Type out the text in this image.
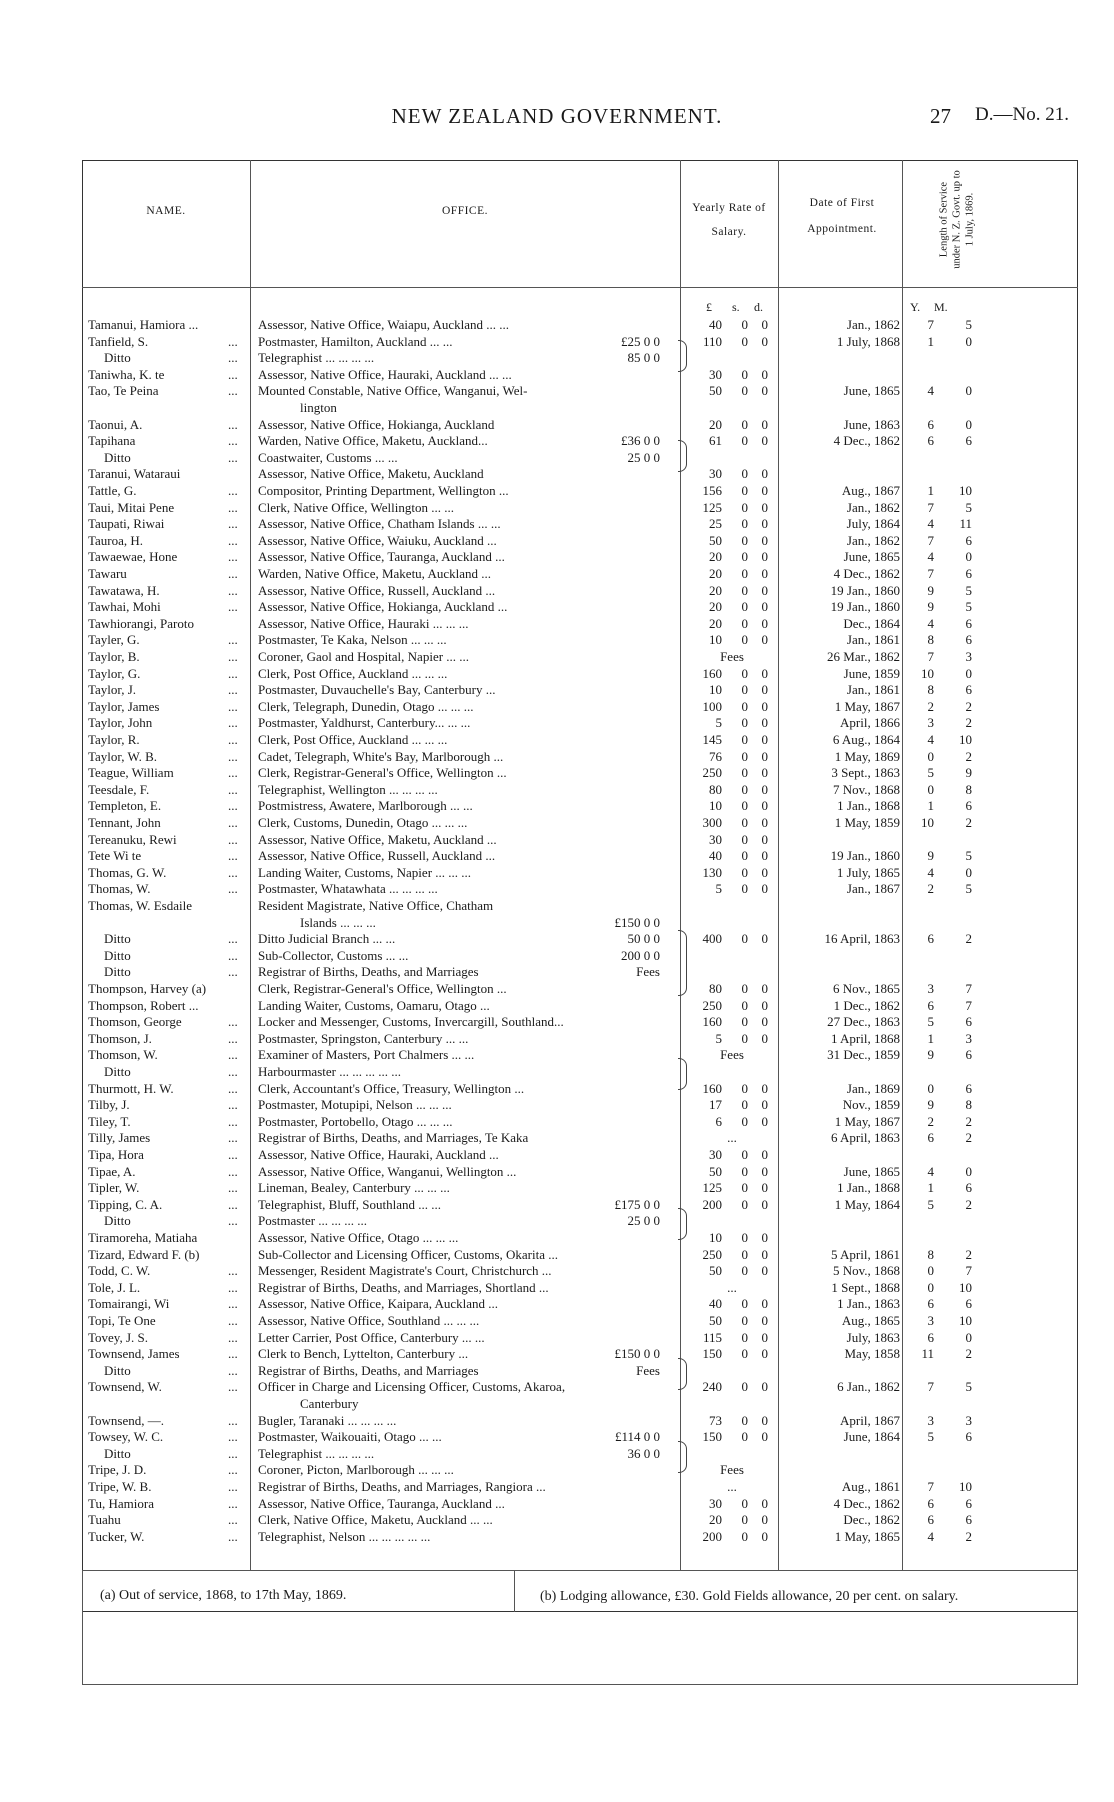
NEW ZEALAND GOVERNMENT.	27 D.—No. 21.
NAME.	OFFICE.	Yearly Rate of Salary.
Date of First Appointment.	Length of Service under N. Z. Govt. up to 1 July, 1869.
£ s. d.	Y. M.
Tamanui, Hamiora ...	Assessor, Native Office, Waiapu, Auckland ... ...	40	0	0	Jan., 1862	7	5
Tanfield, S.	...	Postmaster, Hamilton, Auckland ... ...	£25 0 0	110	0	0	1 July, 1868	1	0
Ditto	...	Telegraphist ... ... ... ...	85 0 0
Taniwha, K. te	...	Assessor, Native Office, Hauraki, Auckland ... ...	30	0	0
Tao, Te Peina	...	Mounted Constable, Native Office, Wanganui, Wel-	50	0	0	June, 1865	4	0
lington
Taonui, A.	...	Assessor, Native Office, Hokianga, Auckland	20	0	0	June, 1863	6	0
Tapihana	...	Warden, Native Office, Maketu, Auckland...	£36 0 0	61	0	0	4 Dec., 1862	6	6
Ditto	...	Coastwaiter, Customs ... ...	25 0 0
Taranui, Wataraui	Assessor, Native Office, Maketu, Auckland	30	0	0
Tattle, G.	...	Compositor, Printing Department, Wellington ...	156	0	0	Aug., 1867	1	10
Taui, Mitai Pene	...	Clerk, Native Office, Wellington ... ...	125	0	0	Jan., 1862	7	5
Taupati, Riwai	...	Assessor, Native Office, Chatham Islands ... ...	25	0	0	July, 1864	4	11
Tauroa, H.	...	Assessor, Native Office, Waiuku, Auckland ...	50	0	0	Jan., 1862	7	6
Tawaewae, Hone	...	Assessor, Native Office, Tauranga, Auckland ...	20	0	0	June, 1865	4	0
Tawaru	...	Warden, Native Office, Maketu, Auckland ...	20	0	0	4 Dec., 1862	7	6
Tawatawa, H.	...	Assessor, Native Office, Russell, Auckland ...	20	0	0	19 Jan., 1860	9	5
Tawhai, Mohi	...	Assessor, Native Office, Hokianga, Auckland ...	20	0	0	19 Jan., 1860	9	5
Tawhiorangi, Paroto	Assessor, Native Office, Hauraki ... ... ...	20	0	0	Dec., 1864	4	6
Tayler, G.	...	Postmaster, Te Kaka, Nelson ... ... ...	10	0	0	Jan., 1861	8	6
Taylor, B.	...	Coroner, Gaol and Hospital, Napier ... ...	Fees	26 Mar., 1862	7	3
Taylor, G.	...	Clerk, Post Office, Auckland ... ... ...	160	0	0	June, 1859	10	0
Taylor, J.	...	Postmaster, Duvauchelle's Bay, Canterbury ...	10	0	0	Jan., 1861	8	6
Taylor, James	...	Clerk, Telegraph, Dunedin, Otago ... ... ...	100	0	0	1 May, 1867	2	2
Taylor, John	...	Postmaster, Yaldhurst, Canterbury... ... ...	5	0	0	April, 1866	3	2
Taylor, R.	...	Clerk, Post Office, Auckland ... ... ...	145	0	0	6 Aug., 1864	4	10
Taylor, W. B.	...	Cadet, Telegraph, White's Bay, Marlborough ...	76	0	0	1 May, 1869	0	2
Teague, William	...	Clerk, Registrar-General's Office, Wellington ...	250	0	0	3 Sept., 1863	5	9
Teesdale, F.	...	Telegraphist, Wellington ... ... ... ...	80	0	0	7 Nov., 1868	0	8
Templeton, E.	...	Postmistress, Awatere, Marlborough ... ...	10	0	0	1 Jan., 1868	1	6
Tennant, John	...	Clerk, Customs, Dunedin, Otago ... ... ...	300	0	0	1 May, 1859	10	2
Tereanuku, Rewi	...	Assessor, Native Office, Maketu, Auckland ...	30	0	0
Tete Wi te	...	Assessor, Native Office, Russell, Auckland ...	40	0	0	19 Jan., 1860	9	5
Thomas, G. W.	...	Landing Waiter, Customs, Napier ... ... ...	130	0	0	1 July, 1865	4	0
Thomas, W.	...	Postmaster, Whatawhata ... ... ... ...	5	0	0	Jan., 1867	2	5
Thomas, W. Esdaile	Resident Magistrate, Native Office, Chatham
Islands ... ... ...	£150 0 0
Ditto	...	Ditto Judicial Branch ... ...	50 0 0	400	0	0	16 April, 1863	6	2
Ditto	...	Sub-Collector, Customs ... ...	200 0 0
Ditto	...	Registrar of Births, Deaths, and Marriages	Fees
Thompson, Harvey (a)	Clerk, Registrar-General's Office, Wellington ...	80	0	0	6 Nov., 1865	3	7
Thompson, Robert ...	Landing Waiter, Customs, Oamaru, Otago ...	250	0	0	1 Dec., 1862	6	7
Thomson, George	...	Locker and Messenger, Customs, Invercargill, Southland...	160	0	0	27 Dec., 1863	5	6
Thomson, J.	...	Postmaster, Springston, Canterbury ... ...	5	0	0	1 April, 1868	1	3
Thomson, W.	...	Examiner of Masters, Port Chalmers ... ...	Fees	31 Dec., 1859	9	6
Ditto	...	Harbourmaster ... ... ... ... ...
Thurmott, H. W.	...	Clerk, Accountant's Office, Treasury, Wellington ...	160	0	0	Jan., 1869	0	6
Tilby, J.	...	Postmaster, Motupipi, Nelson ... ... ...	17	0	0	Nov., 1859	9	8
Tiley, T.	...	Postmaster, Portobello, Otago ... ... ...	6	0	0	1 May, 1867	2	2
Tilly, James	...	Registrar of Births, Deaths, and Marriages, Te Kaka	...	6 April, 1863	6	2
Tipa, Hora	...	Assessor, Native Office, Hauraki, Auckland ...	30	0	0
Tipae, A.	...	Assessor, Native Office, Wanganui, Wellington ...	50	0	0	June, 1865	4	0
Tipler, W.	...	Lineman, Bealey, Canterbury ... ... ...	125	0	0	1 Jan., 1868	1	6
Tipping, C. A.	...	Telegraphist, Bluff, Southland ... ...	£175 0 0	200	0	0	1 May, 1864	5	2
Ditto	...	Postmaster ... ... ... ...	25 0 0
Tiramoreha, Matiaha	Assessor, Native Office, Otago ... ... ...	10	0	0
Tizard, Edward F. (b)	Sub-Collector and Licensing Officer, Customs, Okarita ...	250	0	0	5 April, 1861	8	2
Todd, C. W.	...	Messenger, Resident Magistrate's Court, Christchurch ...	50	0	0	5 Nov., 1868	0	7
Tole, J. L.	...	Registrar of Births, Deaths, and Marriages, Shortland ...	...	1 Sept., 1868	0	10
Tomairangi, Wi	...	Assessor, Native Office, Kaipara, Auckland ...	40	0	0	1 Jan., 1863	6	6
Topi, Te One	...	Assessor, Native Office, Southland ... ... ...	50	0	0	Aug., 1865	3	10
Tovey, J. S.	...	Letter Carrier, Post Office, Canterbury ... ...	115	0	0	July, 1863	6	0
Townsend, James	...	Clerk to Bench, Lyttelton, Canterbury ...	£150 0 0	150	0	0	May, 1858	11	2
Ditto	...	Registrar of Births, Deaths, and Marriages	Fees
Townsend, W.	...	Officer in Charge and Licensing Officer, Customs, Akaroa,	240	0	0	6 Jan., 1862	7	5
Canterbury
Townsend, —.	...	Bugler, Taranaki ... ... ... ...	73	0	0	April, 1867	3	3
Towsey, W. C.	...	Postmaster, Waikouaiti, Otago ... ...	£114 0 0	150	0	0	June, 1864	5	6
Ditto	...	Telegraphist ... ... ... ...	36 0 0
Tripe, J. D.	...	Coroner, Picton, Marlborough ... ... ...	Fees
Tripe, W. B.	...	Registrar of Births, Deaths, and Marriages, Rangiora ...	...	Aug., 1861	7	10
Tu, Hamiora	...	Assessor, Native Office, Tauranga, Auckland ...	30	0	0	4 Dec., 1862	6	6
Tuahu	...	Clerk, Native Office, Maketu, Auckland ... ...	20	0	0	Dec., 1862	6	6
Tucker, W.	...	Telegraphist, Nelson ... ... ... ... ...	200	0	0	1 May, 1865	4	2
(a) Out of service, 1868, to 17th May, 1869.	(b) Lodging allowance, £30. Gold Fields allowance, 20 per cent. on salary.
